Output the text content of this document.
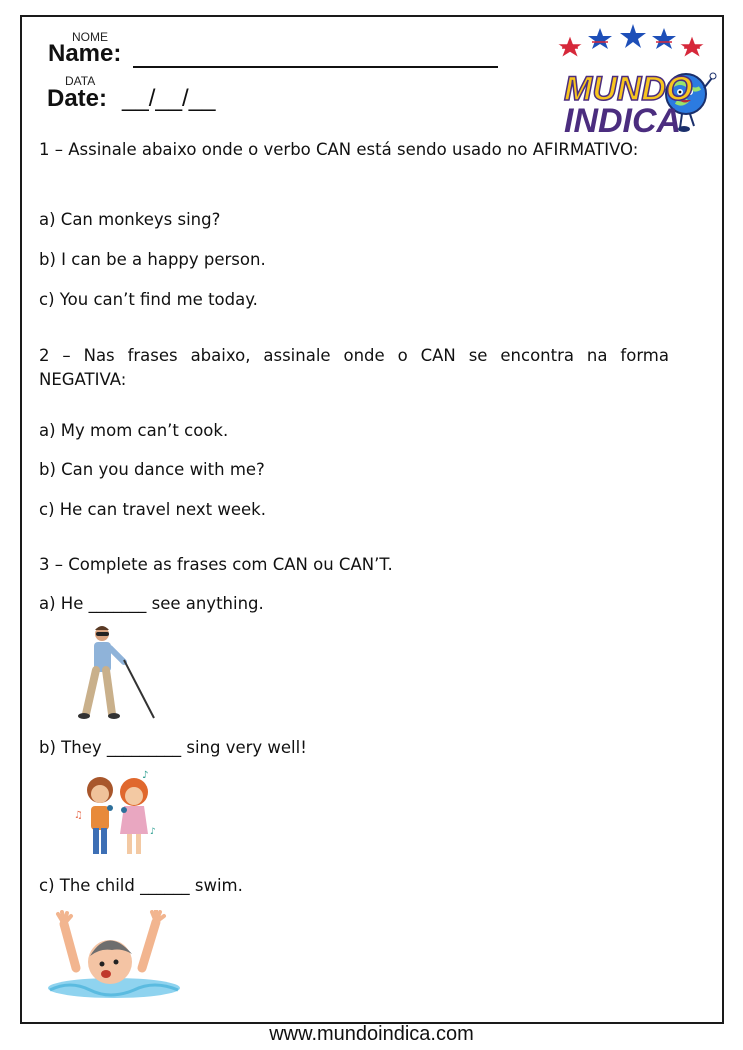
NOME
Name:
DATA
Date: __/__/__	MUNDO
INDICA
1 – Assinale abaixo onde o verbo CAN está sendo usado no AFIRMATIVO:
a) Can monkeys sing?
b) I can be a happy person.
c) You can’t find me today.
2 – Nas frases abaixo, assinale onde o CAN se encontra na forma NEGATIVA:
a) My mom can’t cook.
b) Can you dance with me?
c) He can travel next week.
3 – Complete as frases com CAN ou CAN’T.
a) He _______ see anything.
b) They _________ sing very well!
♪
♫
♪
c) The child ______ swim.
www.mundoindica.com
